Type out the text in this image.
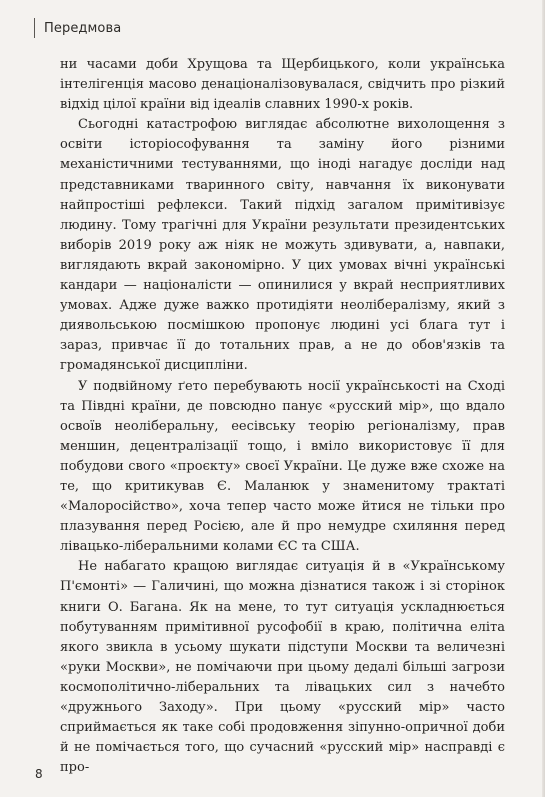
Передмова

ни часами доби Хрущова та Щербицького, коли українська інтелігенція масово денаціоналізовувалася, свідчить про різкий відхід цілої країни від ідеалів славних 1990-х років.

Сьогодні катастрофою виглядає абсолютне вихолощення з освіти історіософування та заміну його різними механістичними тестуваннями, що іноді нагадує досліди над представниками тваринного світу, навчання їх виконувати найпростіші рефлекси. Такий підхід загалом примітивізує людину. Тому трагічні для України результати президентських виборів 2019 року аж ніяк не можуть здивувати, а, навпаки, виглядають вкрай закономірно. У цих умовах вічні українські кандари — націоналісти — опинилися у вкрай несприятливих умовах. Адже дуже важко протидіяти неолібералізму, який з диявольською посмішкою пропонує людині усі блага тут і зараз, привчає її до тотальних прав, а не до обов'язків та громадянської дисципліни.

У подвійному ґето перебувають носії українськості на Сході та Півдні країни, де повсюдно панує «русский мір», що вдало освоїв неоліберальну, еесівську теорію регіоналізму, прав меншин, децентралізації тощо, і вміло використовує її для побудови свого «проєкту» своєї України. Це дуже вже схоже на те, що критикував Є. Маланюк у знаменитому трактаті «Малоросійство», хоча тепер часто може йтися не тільки про плазування перед Росією, але й про немудре схиляння перед лівацько-ліберальними колами ЄС та США.

Не набагато кращою виглядає ситуація й в «Українському П'ємонті» — Галичині, що можна дізнатися також і зі сторінок книги О. Багана. Як на мене, то тут ситуація ускладнюється побутуванням примітивної русофобії в краю, політична еліта якого звикла в усьому шукати підступи Москви та величезні «руки Москви», не помічаючи при цьому дедалі більші загрози космополітично-ліберальних та лівацьких сил з начебто «дружнього Заходу». При цьому «русский мір» часто сприймається як таке собі продовження зіпунно-опричної доби й не помічається того, що сучасний «русский мір» насправді є про-

8
